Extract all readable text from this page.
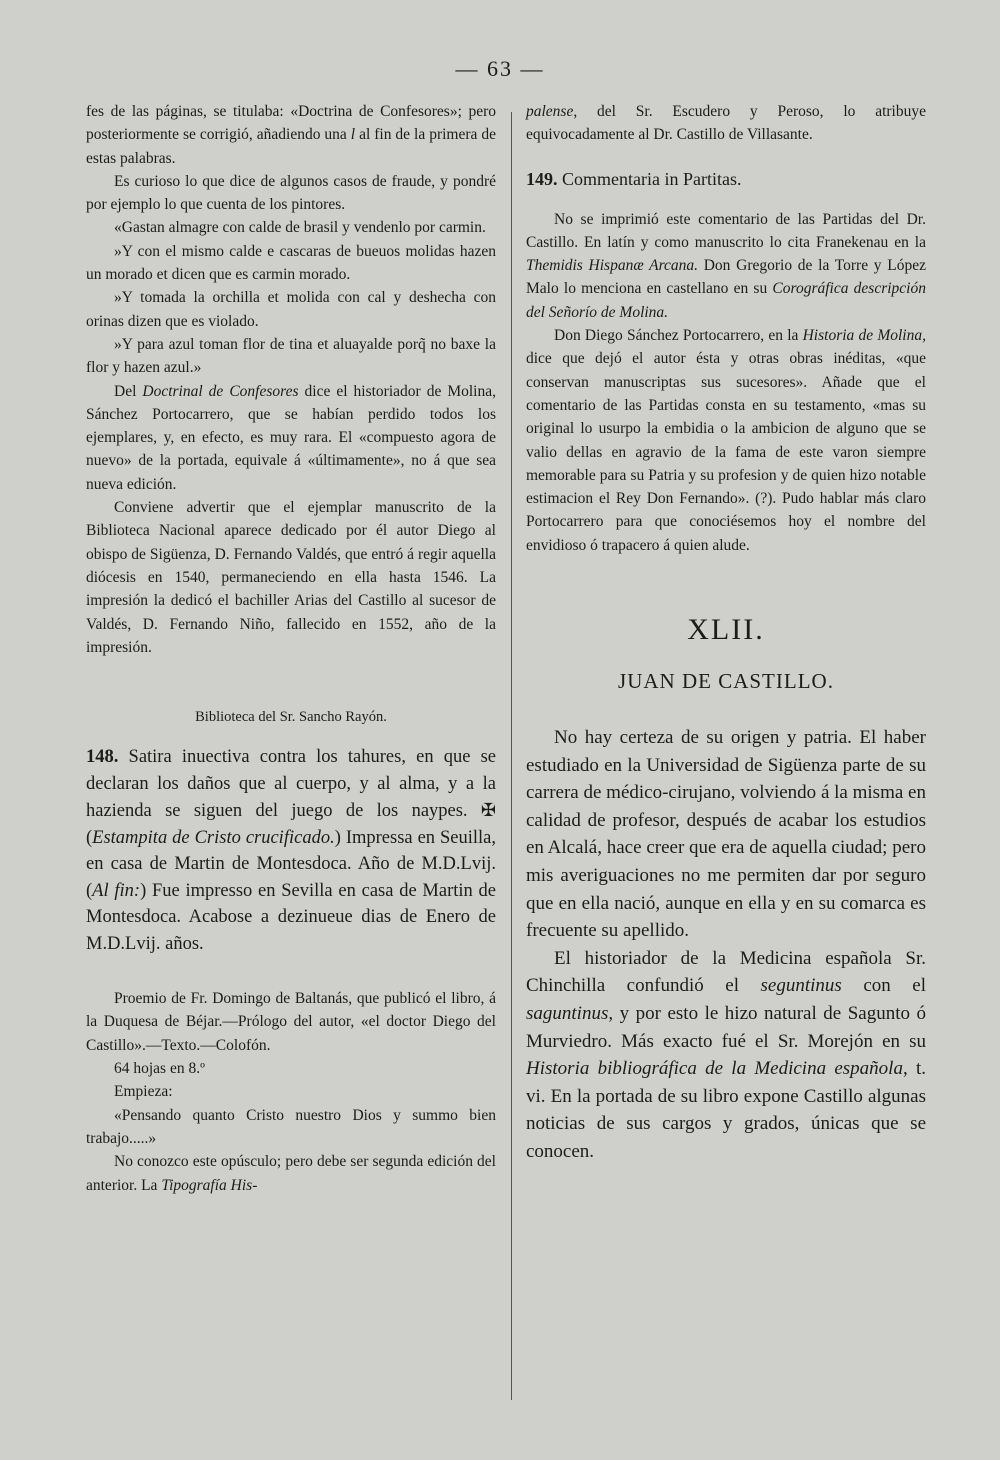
— 63 —

fes de las páginas, se titulaba: «Doctrina de Confesores»; pero posteriormente se corrigió, añadiendo una l al fin de la primera de estas palabras.

Es curioso lo que dice de algunos casos de fraude, y pondré por ejemplo lo que cuenta de los pintores.

«Gastan almagre con calde de brasil y vendenlo por carmin.

»Y con el mismo calde e cascaras de bueuos molidas hazen un morado et dicen que es carmin morado.

»Y tomada la orchilla et molida con cal y deshecha con orinas dizen que es violado.

»Y para azul toman flor de tina et aluayalde porq̃ no baxe la flor y hazen azul.»

Del Doctrinal de Confesores dice el historiador de Molina, Sánchez Portocarrero, que se habían perdido todos los ejemplares, y, en efecto, es muy rara. El «compuesto agora de nuevo» de la portada, equivale á «últimamente», no á que sea nueva edición.

Conviene advertir que el ejemplar manuscrito de la Biblioteca Nacional aparece dedicado por él autor Diego al obispo de Sigüenza, D. Fernando Valdés, que entró á regir aquella diócesis en 1540, permaneciendo en ella hasta 1546. La impresión la dedicó el bachiller Arias del Castillo al sucesor de Valdés, D. Fernando Niño, fallecido en 1552, año de la impresión.

Biblioteca del Sr. Sancho Rayón.

148. Satira inuectiva contra los tahures, en que se declaran los daños que al cuerpo, y al alma, y a la hazienda se siguen del juego de los naypes. ✠ (Estampita de Cristo crucificado.) Impressa en Seuilla, en casa de Martin de Montesdoca. Año de M.D.Lvij. (Al fin:) Fue impresso en Sevilla en casa de Martin de Montesdoca. Acabose a dezinueue dias de Enero de M.D.Lvij. años.

Proemio de Fr. Domingo de Baltanás, que publicó el libro, á la Duquesa de Béjar.—Prólogo del autor, «el doctor Diego del Castillo».—Texto.—Colofón.

64 hojas en 8.º

Empieza:

«Pensando quanto Cristo nuestro Dios y summo bien trabajo.....»

No conozco este opúsculo; pero debe ser segunda edición del anterior. La Tipografía His-

palense, del Sr. Escudero y Peroso, lo atribuye equivocadamente al Dr. Castillo de Villasante.

149. Commentaria in Partitas.

No se imprimió este comentario de las Partidas del Dr. Castillo. En latín y como manuscrito lo cita Franekenau en la Themidis Hispanæ Arcana. Don Gregorio de la Torre y López Malo lo menciona en castellano en su Corográfica descripción del Señorío de Molina.

Don Diego Sánchez Portocarrero, en la Historia de Molina, dice que dejó el autor ésta y otras obras inéditas, «que conservan manuscriptas sus sucesores». Añade que el comentario de las Partidas consta en su testamento, «mas su original lo usurpo la embidia o la ambicion de alguno que se valio dellas en agravio de la fama de este varon siempre memorable para su Patria y su profesion y de quien hizo notable estimacion el Rey Don Fernando». (?). Pudo hablar más claro Portocarrero para que conociésemos hoy el nombre del envidioso ó trapacero á quien alude.

XLII.

JUAN DE CASTILLO.

No hay certeza de su origen y patria. El haber estudiado en la Universidad de Sigüenza parte de su carrera de médico-cirujano, volviendo á la misma en calidad de profesor, después de acabar los estudios en Alcalá, hace creer que era de aquella ciudad; pero mis averiguaciones no me permiten dar por seguro que en ella nació, aunque en ella y en su comarca es frecuente su apellido.

El historiador de la Medicina española Sr. Chinchilla confundió el seguntinus con el saguntinus, y por esto le hizo natural de Sagunto ó Murviedro. Más exacto fué el Sr. Morejón en su Historia bibliográfica de la Medicina española, t. vi. En la portada de su libro expone Castillo algunas noticias de sus cargos y grados, únicas que se conocen.
